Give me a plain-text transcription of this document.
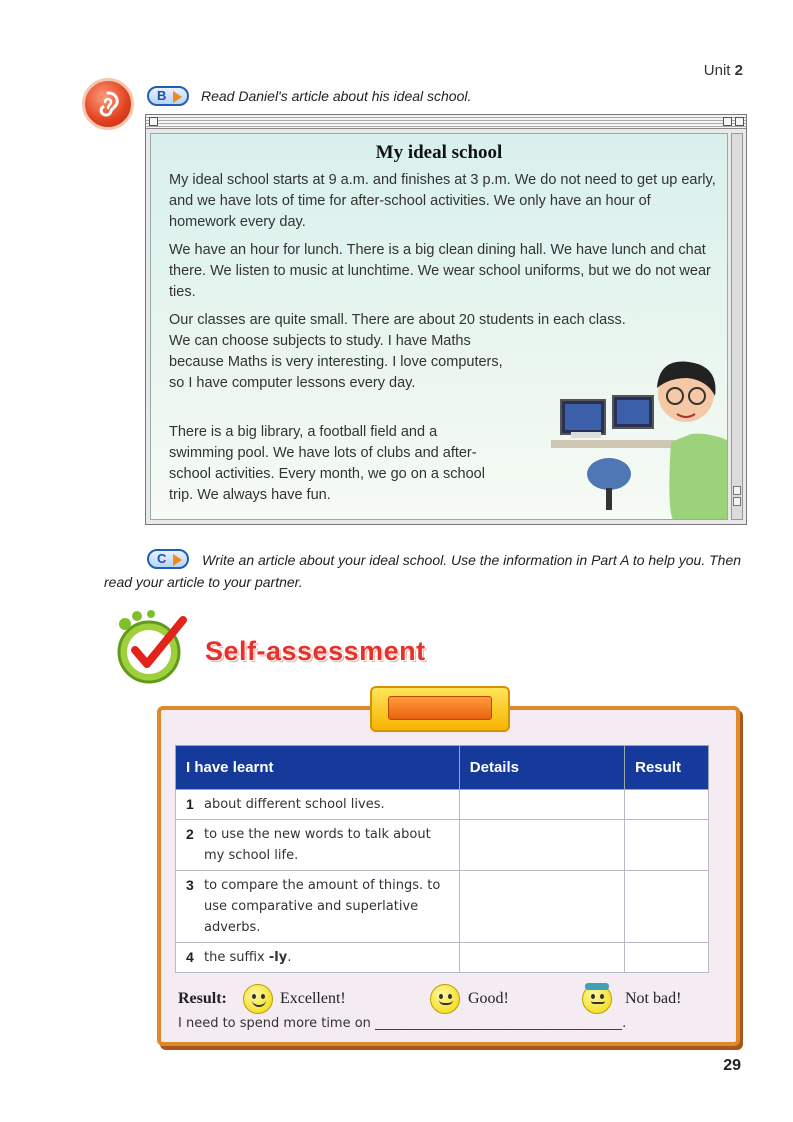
Unit 2
B Read Daniel's article about his ideal school.
My ideal school
My ideal school starts at 9 a.m. and finishes at 3 p.m. We do not need to get up early, and we have lots of time for after-school activities. We only have an hour of homework every day.
We have an hour for lunch. There is a big clean dining hall. We have lunch and chat there. We listen to music at lunchtime. We wear school uniforms, but we do not wear ties.
Our classes are quite small. There are about 20 students in each class.
We can choose subjects to study. I have Maths because Maths is very interesting. I love computers, so I have computer lessons every day.
There is a big library, a football field and a swimming pool. We have lots of clubs and after-school activities. Every month, we go on a school trip. We always have fun.
C	Write an article about your ideal school. Use the information in Part A to help you. Then read your article to your partner.
Self-assessment
I have learnt	Details	Result
1 about different school lives.		
2 to use the new words to talk about my school life.		
3 to compare the amount of things. to use comparative and superlative adverbs.		
4 the suffix -ly.		
Result:	Excellent!	Good!	Not bad!
I need to spend more time on ______________________________________.
29
